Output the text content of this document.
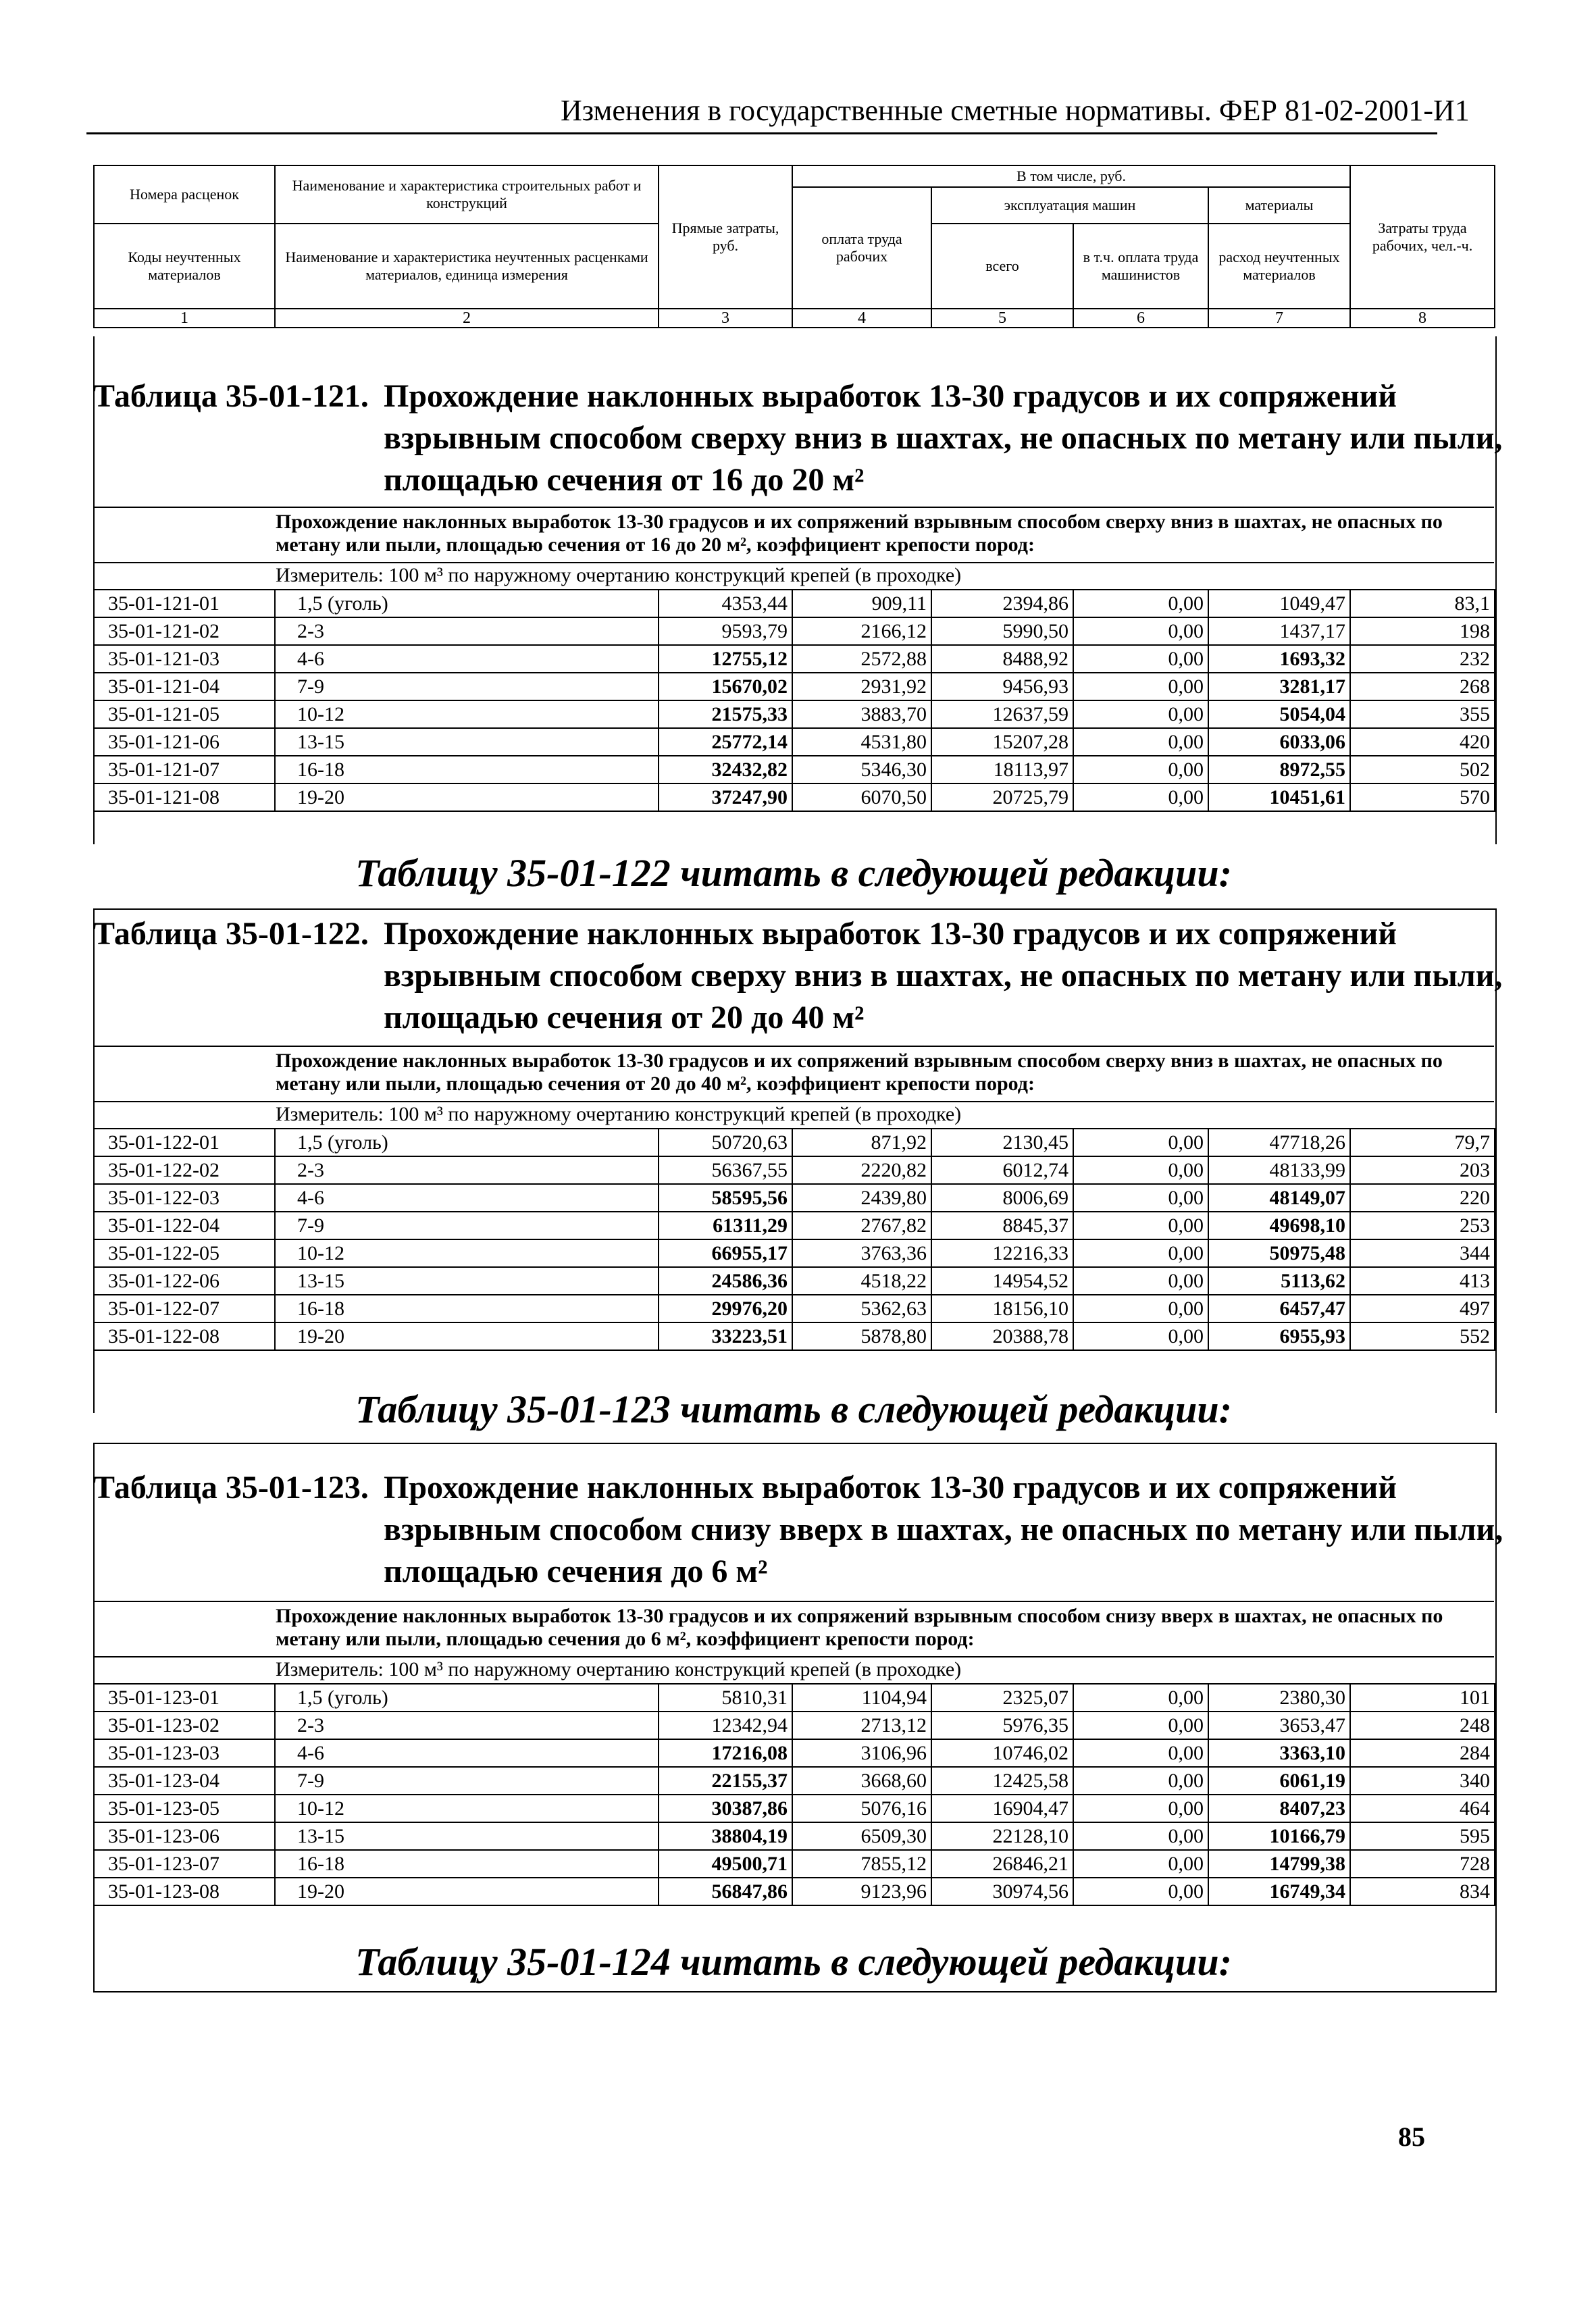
Изменения в государственные сметные нормативы. ФЕР 81-02-2001-И1
Номера расценок	Наименование и характеристика строительных работ и конструкций	Прямые затраты, руб.	В том числе, руб.				Затраты труда рабочих, чел.-ч.
			оплата труда рабочих	эксплуатация машин		материалы	
Коды неучтенных материалов	Наименование и характеристика неучтенных расценками материалов, единица измерения			всего	в т.ч. оплата труда машинистов	расход неучтенных материалов	

1	2	3	4	5	6	7	8
Таблица 35-01-121. Прохождение наклонных выработок 13-30 градусов и их сопряжений взрывным способом сверху вниз в шахтах, не опасных по метану или пыли, площадью сечения от 16 до 20 м²
Прохождение наклонных выработок 13-30 градусов и их сопряжений взрывным способом сверху вниз в шахтах, не опасных по метану или пыли, площадью сечения от 16 до 20 м², коэффициент крепости пород:
Измеритель: 100 м³ по наружному очертанию конструкций крепей (в проходке)
35-01-121-01	1,5 (уголь)	4353,44	909,11	2394,86	0,00	1049,47	83,1
35-01-121-02	2-3	9593,79	2166,12	5990,50	0,00	1437,17	198
35-01-121-03	4-6	12755,12	2572,88	8488,92	0,00	1693,32	232
35-01-121-04	7-9	15670,02	2931,92	9456,93	0,00	3281,17	268
35-01-121-05	10-12	21575,33	3883,70	12637,59	0,00	5054,04	355
35-01-121-06	13-15	25772,14	4531,80	15207,28	0,00	6033,06	420
35-01-121-07	16-18	32432,82	5346,30	18113,97	0,00	8972,55	502
35-01-121-08	19-20	37247,90	6070,50	20725,79	0,00	10451,61	570
Таблицу 35-01-122 читать в следующей редакции:
Таблица 35-01-122. Прохождение наклонных выработок 13-30 градусов и их сопряжений взрывным способом сверху вниз в шахтах, не опасных по метану или пыли, площадью сечения от 20 до 40 м²
Прохождение наклонных выработок 13-30 градусов и их сопряжений взрывным способом сверху вниз в шахтах, не опасных по метану или пыли, площадью сечения от 20 до 40 м², коэффициент крепости пород:
Измеритель: 100 м³ по наружному очертанию конструкций крепей (в проходке)
35-01-122-01	1,5 (уголь)	50720,63	871,92	2130,45	0,00	47718,26	79,7
35-01-122-02	2-3	56367,55	2220,82	6012,74	0,00	48133,99	203
35-01-122-03	4-6	58595,56	2439,80	8006,69	0,00	48149,07	220
35-01-122-04	7-9	61311,29	2767,82	8845,37	0,00	49698,10	253
35-01-122-05	10-12	66955,17	3763,36	12216,33	0,00	50975,48	344
35-01-122-06	13-15	24586,36	4518,22	14954,52	0,00	5113,62	413
35-01-122-07	16-18	29976,20	5362,63	18156,10	0,00	6457,47	497
35-01-122-08	19-20	33223,51	5878,80	20388,78	0,00	6955,93	552
Таблицу 35-01-123 читать в следующей редакции:
Таблица 35-01-123. Прохождение наклонных выработок 13-30 градусов и их сопряжений взрывным способом снизу вверх в шахтах, не опасных по метану или пыли, площадью сечения до 6 м²
Прохождение наклонных выработок 13-30 градусов и их сопряжений взрывным способом снизу вверх в шахтах, не опасных по метану или пыли, площадью сечения до 6 м², коэффициент крепости пород:
Измеритель: 100 м³ по наружному очертанию конструкций крепей (в проходке)
35-01-123-01	1,5 (уголь)	5810,31	1104,94	2325,07	0,00	2380,30	101
35-01-123-02	2-3	12342,94	2713,12	5976,35	0,00	3653,47	248
35-01-123-03	4-6	17216,08	3106,96	10746,02	0,00	3363,10	284
35-01-123-04	7-9	22155,37	3668,60	12425,58	0,00	6061,19	340
35-01-123-05	10-12	30387,86	5076,16	16904,47	0,00	8407,23	464
35-01-123-06	13-15	38804,19	6509,30	22128,10	0,00	10166,79	595
35-01-123-07	16-18	49500,71	7855,12	26846,21	0,00	14799,38	728
35-01-123-08	19-20	56847,86	9123,96	30974,56	0,00	16749,34	834
Таблицу 35-01-124 читать в следующей редакции:
85
